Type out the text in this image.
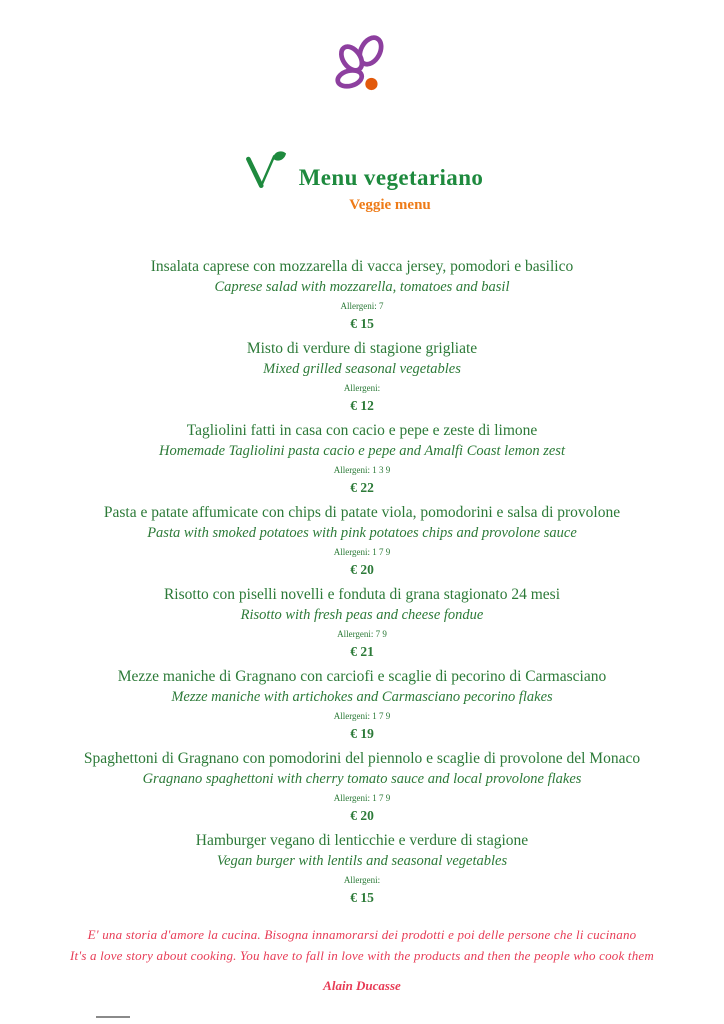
Menu vegetariano
Veggie menu
Insalata caprese con mozzarella di vacca jersey, pomodori e basilico
Caprese salad with mozzarella, tomatoes and basil
Allergeni: 7
€ 15
Misto di verdure di stagione grigliate
Mixed grilled seasonal vegetables
Allergeni:
€ 12
Tagliolini fatti in casa con cacio e pepe e zeste di limone
Homemade Tagliolini pasta cacio e pepe and Amalfi Coast lemon zest
Allergeni: 1 3 9
€ 22
Pasta e patate affumicate con chips di patate viola, pomodorini e salsa di provolone
Pasta with smoked potatoes with pink potatoes chips and provolone sauce
Allergeni: 1 7 9
€ 20
Risotto con piselli novelli e fonduta di grana stagionato 24 mesi
Risotto with fresh peas and cheese fondue
Allergeni: 7 9
€ 21
Mezze maniche di Gragnano con carciofi e scaglie di pecorino di Carmasciano
Mezze maniche with artichokes and Carmasciano pecorino flakes
Allergeni: 1 7 9
€ 19
Spaghettoni di Gragnano con pomodorini del piennolo e scaglie di provolone del Monaco
Gragnano spaghettoni with cherry tomato sauce and local provolone flakes
Allergeni: 1 7 9
€ 20
Hamburger vegano di lenticchie e verdure di stagione
Vegan burger with lentils and seasonal vegetables
Allergeni:
€ 15
E' una storia d'amore la cucina. Bisogna innamorarsi dei prodotti e poi delle persone che li cucinano
It's a love story about cooking. You have to fall in love with the products and then the people who cook them
Alain Ducasse
